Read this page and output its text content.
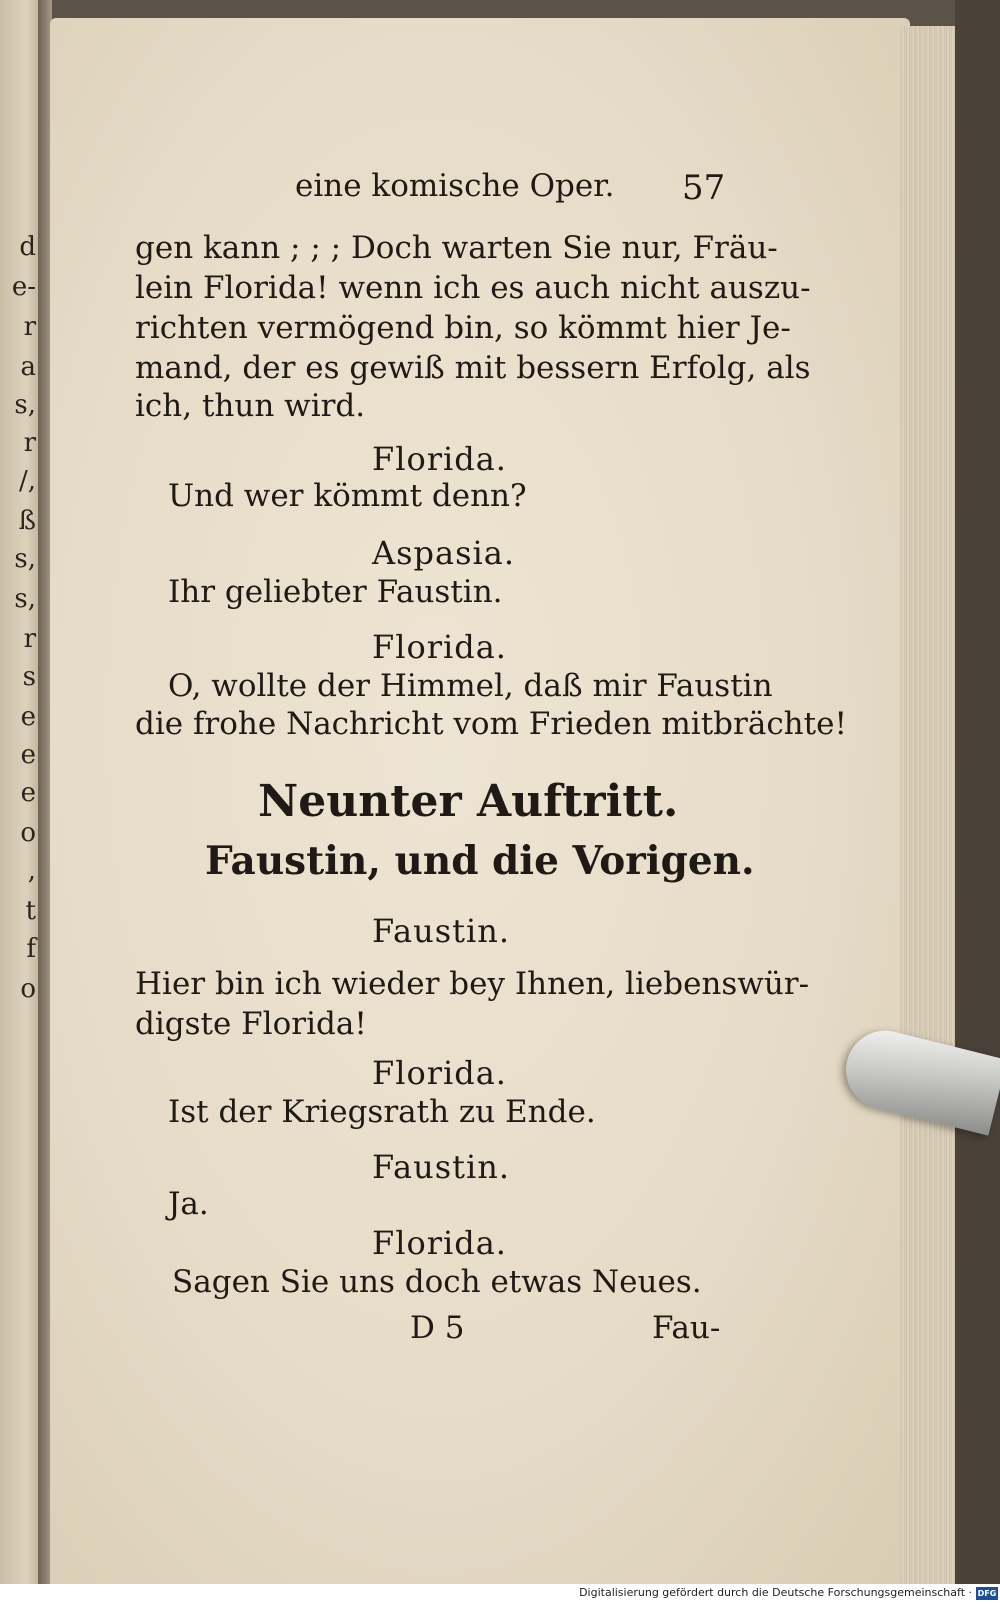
d
e-
r
a
s,
r
/,
ß
s,
s,
r
s
e
e
e
o
,
t
f
o
eine komische Oper. 57
gen kann ; ; ; Doch warten Sie nur, Fräu-
lein Florida! wenn ich es auch nicht auszu-
richten vermögend bin, so kömmt hier Je-
mand, der es gewiß mit bessern Erfolg, als
ich, thun wird.
Florida.
Und wer kömmt denn?
Aspasia.
Ihr geliebter Faustin.
Florida.
O, wollte der Himmel, daß mir Faustin
die frohe Nachricht vom Frieden mitbrächte!
Neunter Auftritt.
Faustin, und die Vorigen.
Faustin.
Hier bin ich wieder bey Ihnen, liebenswür-
digste Florida!
Florida.
Ist der Kriegsrath zu Ende.
Faustin.
Ja.
Florida.
Sagen Sie uns doch etwas Neues.
D 5	Fau-
Digitalisierung gefördert durch die Deutsche Forschungsgemeinschaft · DFG
